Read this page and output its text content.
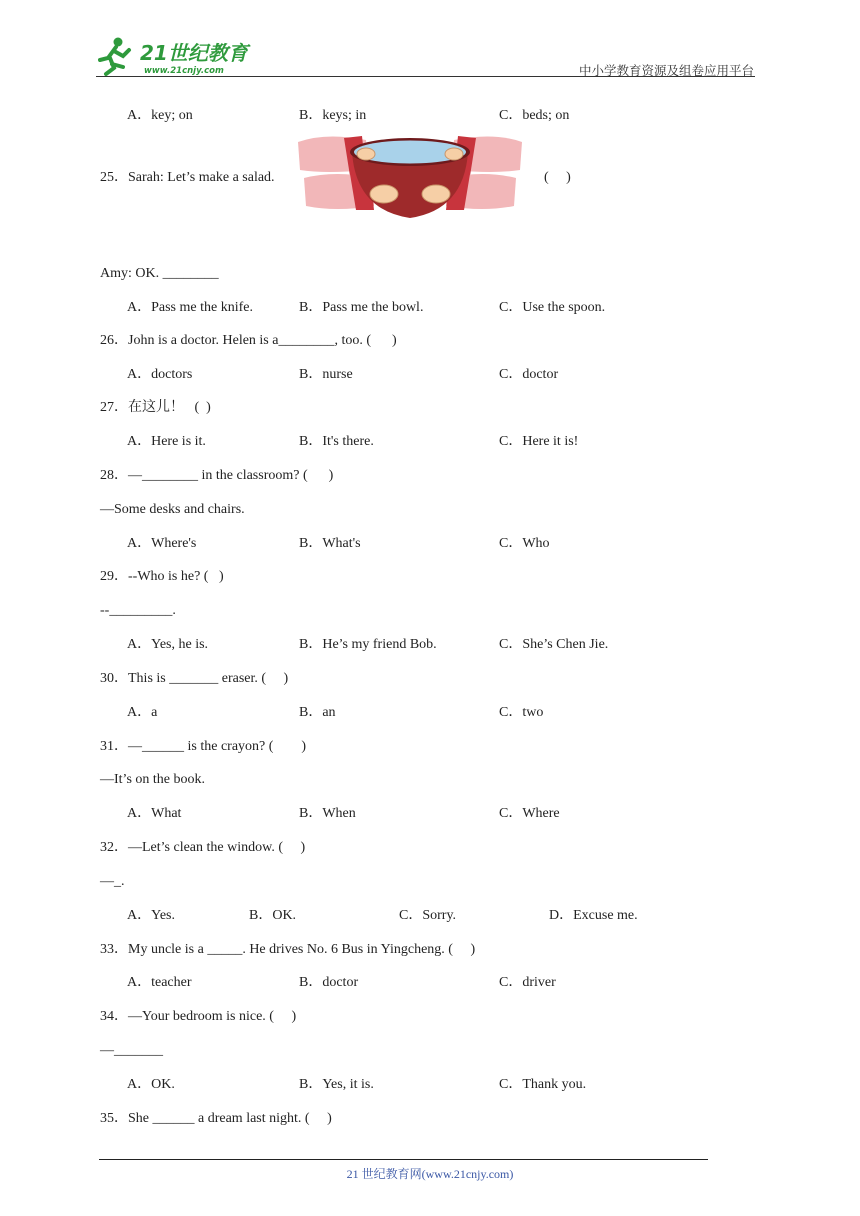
21世纪教育
www.21cnjy.com	中小学教育资源及组卷应用平台
A．key; on	B．keys; in	C．beds; on
25．Sarah: Let’s make a salad.	(     )
Amy: OK. ________
A．Pass me the knife.	B．Pass me the bowl.	C．Use the spoon.
26．John is a doctor. Helen is a________, too. (      )
A．doctors	B．nurse	C．doctor
27．在这儿！   (  )
A．Here is it.	B．It's there.	C．Here it is!
28．—________ in the classroom? (      )
—Some desks and chairs.
A．Where's	B．What's	C．Who
29．--Who is he? (   )
--_________.
A．Yes, he is.	B．He’s my friend Bob.	C．She’s Chen Jie.
30．This is _______ eraser. (     )
A．a	B．an	C．two
31．—______ is the crayon? (        )
—It’s on the book.
A．What	B．When	C．Where
32．—Let’s clean the window. (     )
—_.
A．Yes.	B．OK.	C．Sorry.	D．Excuse me.
33．My uncle is a _____. He drives No. 6 Bus in Yingcheng. (     )
A．teacher	B．doctor	C．driver
34．—Your bedroom is nice. (     )
—_______
A．OK.	B．Yes, it is.	C．Thank you.
35．She ______ a dream last night. (     )
21 世纪教育网(www.21cnjy.com)
